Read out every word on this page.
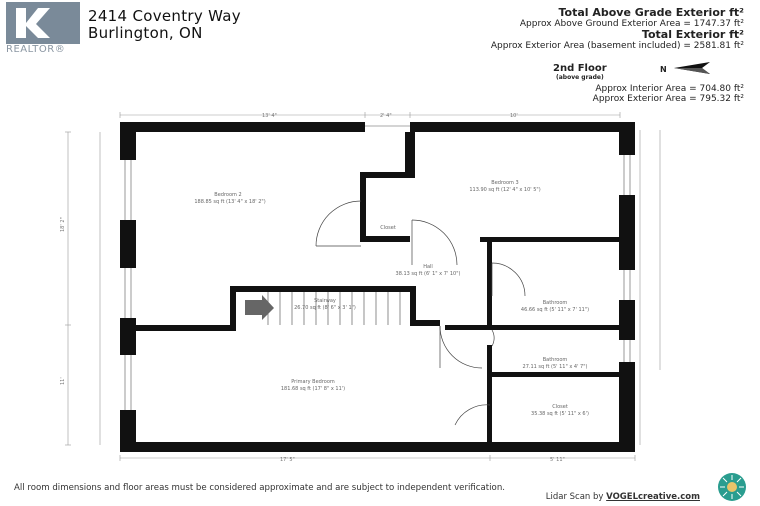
REALTOR®
2414 Coventry Way
Burlington, ON
Total Above Grade Exterior ft²
Approx Above Ground Exterior Area = 1747.37 ft²
Total Exterior ft²
Approx Exterior Area (basement included) = 2581.81 ft²
2nd Floor
(above grade)
N
Approx Interior Area = 704.80 ft²
Approx Exterior Area = 795.32 ft²
Bedroom 2
188.85 sq ft (13' 4" x 18' 2")
Bedroom 3
113.90 sq ft (12' 4" x 10' 5")
Closet
Hall
38.13 sq ft (6' 1" x 7' 10")
Stairway
26.70 sq ft (8' 6" x 3' 1")
Bathroom
46.66 sq ft (5' 11" x 7' 11")
Bathroom
27.11 sq ft (5' 11" x 4' 7")
Primary Bedroom
181.68 sq ft (17' 8" x 11')
Closet
35.38 sq ft (5' 11" x 6')
13' 4"	2' 4"	10'
17' 5"	5' 11"
18' 2"
11'
All room dimensions and floor areas must be considered approximate and are subject to independent verification.
Lidar Scan by VOGELcreative.com
